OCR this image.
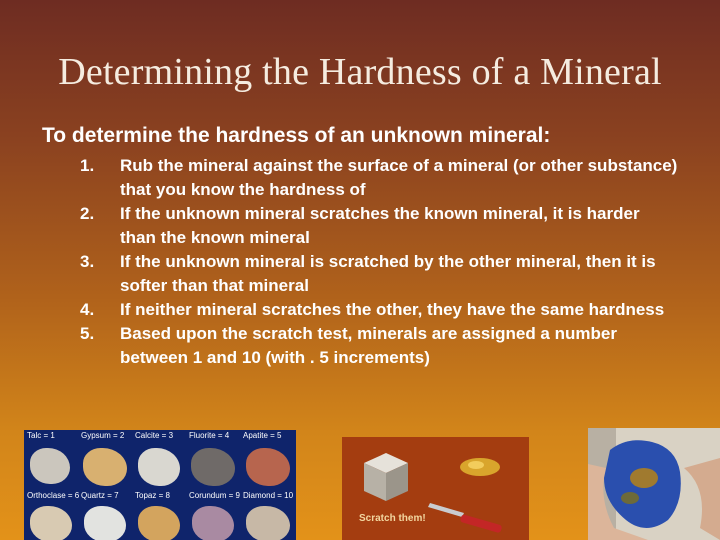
Determining the Hardness of a Mineral
To determine the hardness of an unknown mineral:
1.	Rub the mineral against the surface of a mineral (or other substance) that you know the hardness of
2.	If the unknown mineral scratches the known mineral, it is harder than the known mineral
3.	If the unknown mineral is scratched by the other mineral, then it is softer than that mineral
4.	If neither mineral scratches the other, they have the same hardness
5.	Based upon the scratch test, minerals are assigned a number between 1 and 10 (with . 5 increments)
Talc = 1	Gypsum = 2 Calcite = 3 Fluorite = 4 Apatite = 5
Orthoclase = 6 Quartz = 7 Topaz = 8 Corundum = 9 Diamond = 10
Scratch them!
